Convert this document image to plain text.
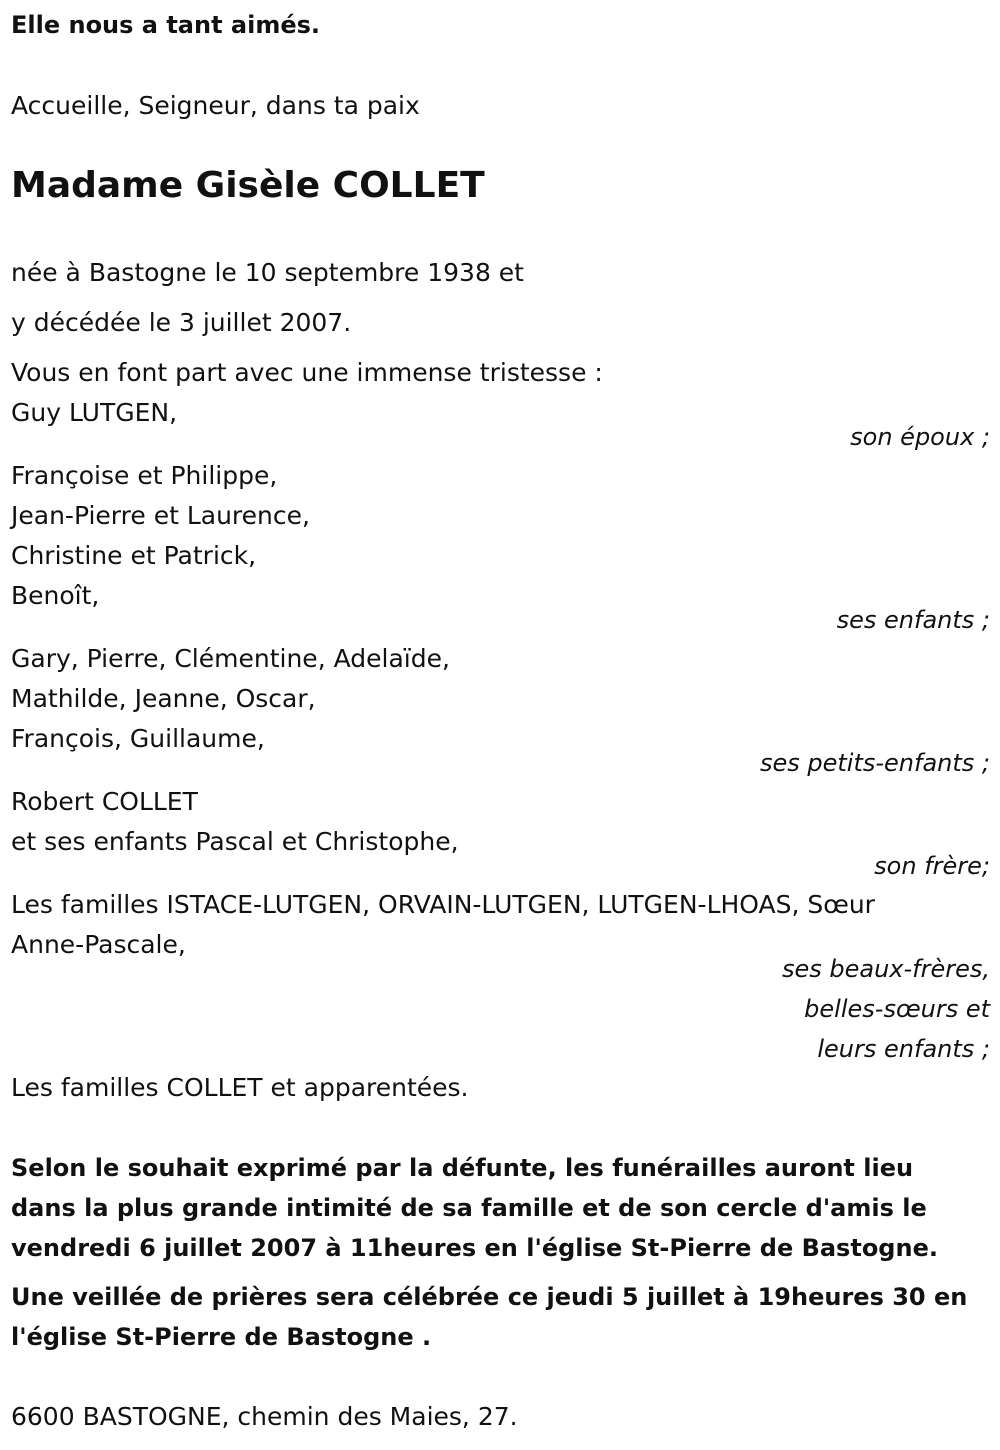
Elle nous a tant aimés.
Accueille, Seigneur, dans ta paix
Madame Gisèle COLLET
née à Bastogne le 10 septembre 1938 et
y décédée le 3 juillet 2007.
Vous en font part avec une immense tristesse :
Guy LUTGEN,
son époux ;
Françoise et Philippe,
Jean-Pierre et Laurence,
Christine et Patrick,
Benoît,
ses enfants ;
Gary, Pierre, Clémentine, Adelaïde,
Mathilde, Jeanne, Oscar,
François, Guillaume,
ses petits-enfants ;
Robert COLLET
et ses enfants Pascal et Christophe,
son frère;
Les familles ISTACE-LUTGEN, ORVAIN-LUTGEN, LUTGEN-LHOAS, Sœur
Anne-Pascale,
ses beaux-frères,
belles-sœurs et
leurs enfants ;
Les familles COLLET et apparentées.
Selon le souhait exprimé par la défunte, les funérailles auront lieu
dans la plus grande intimité de sa famille et de son cercle d'amis le
vendredi 6 juillet 2007 à 11heures en l'église St-Pierre de Bastogne.
Une veillée de prières sera célébrée ce jeudi 5 juillet à 19heures 30 en
l'église St-Pierre de Bastogne .
6600 BASTOGNE, chemin des Maies, 27.
